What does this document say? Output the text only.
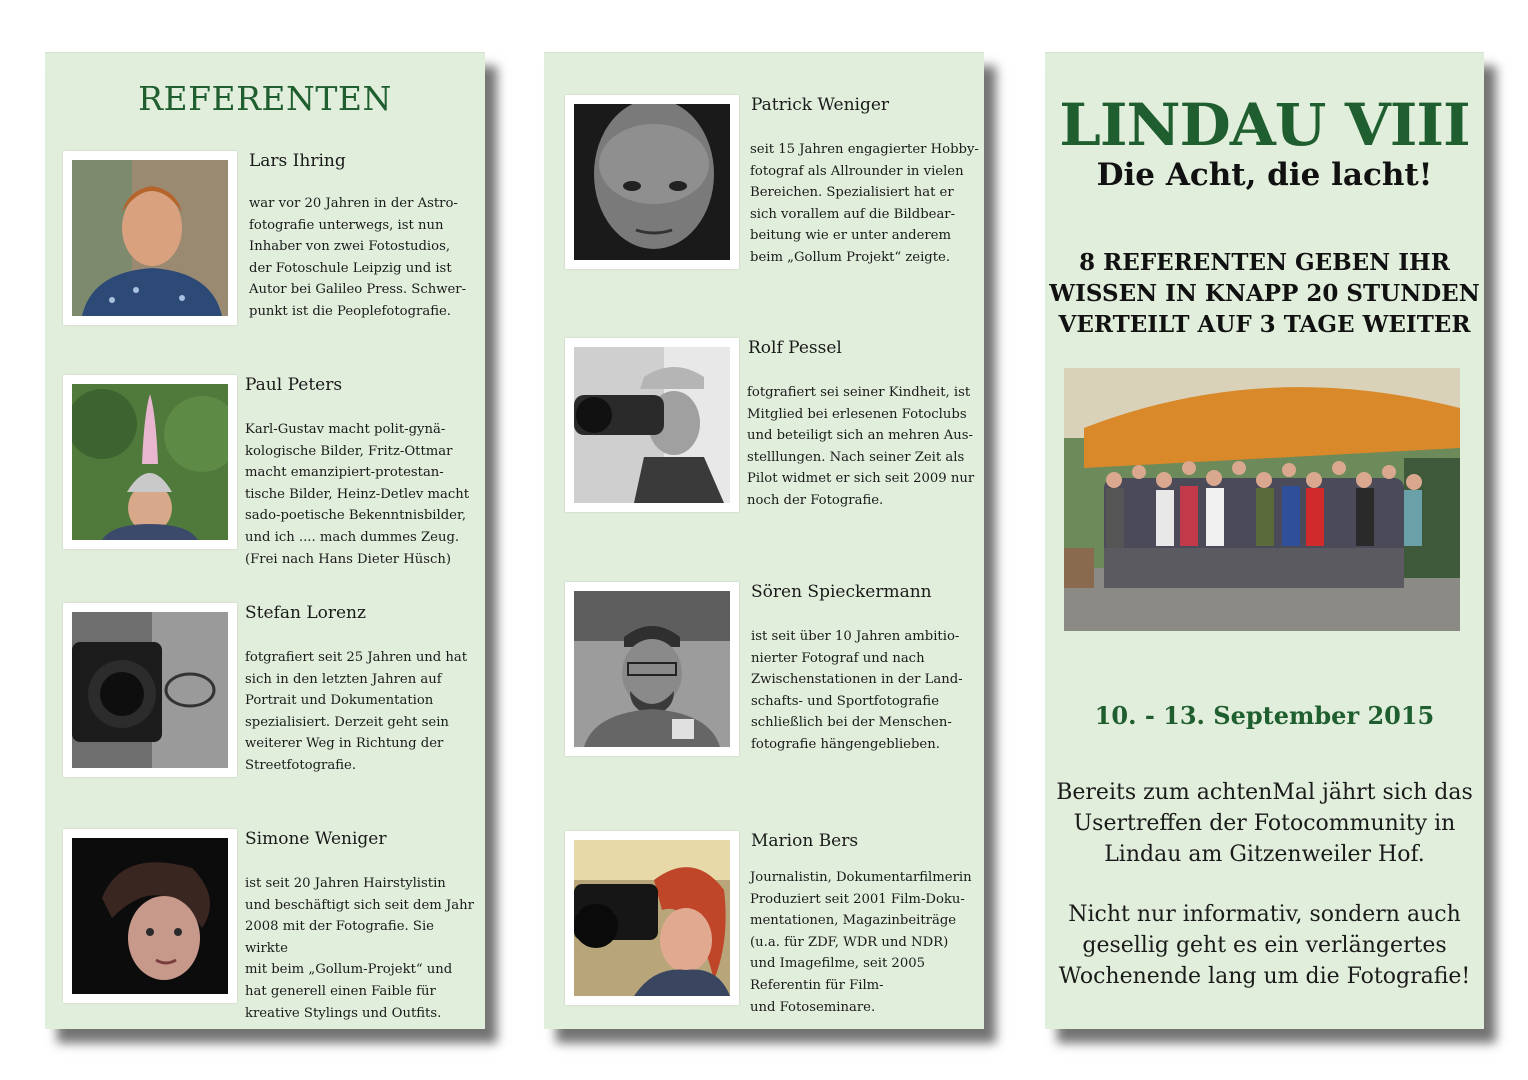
REFERENTEN
Lars Ihring
war vor 20 Jahren in der Astro-
fotografie unterwegs, ist nun
Inhaber von zwei Fotostudios,
der Fotoschule Leipzig und ist
Autor bei Galileo Press. Schwer-
punkt ist die Peoplefotografie.
Paul Peters
Karl-Gustav macht polit-gynä-
kologische Bilder, Fritz-Ottmar
macht emanzipiert-protestan-
tische Bilder, Heinz-Detlev macht
sado-poetische Bekenntnisbilder,
und ich .... mach dummes Zeug.
(Frei nach Hans Dieter Hüsch)
Stefan Lorenz
fotgrafiert seit 25 Jahren und hat
sich in den letzten Jahren auf
Portrait und Dokumentation
spezialisiert. Derzeit geht sein
weiterer Weg in Richtung der
Streetfotografie.
Simone Weniger
ist seit 20 Jahren Hairstylistin
und beschäftigt sich seit dem Jahr
2008 mit der Fotografie. Sie wirkte
mit beim „Gollum-Projekt“ und
hat generell einen Faible für
kreative Stylings und Outfits.
Patrick Weniger
seit 15 Jahren engagierter Hobby-
fotograf als Allrounder in vielen
Bereichen. Spezialisiert hat er
sich vorallem auf die Bildbear-
beitung wie er unter anderem
beim „Gollum Projekt“ zeigte.
Rolf Pessel
fotgrafiert sei seiner Kindheit, ist
Mitglied bei erlesenen Fotoclubs
und beteiligt sich an mehren Aus-
stelllungen. Nach seiner Zeit als
Pilot widmet er sich seit 2009 nur
noch der Fotografie.
Sören Spieckermann
ist seit über 10 Jahren ambitio-
nierter Fotograf und nach
Zwischenstationen in der Land-
schafts- und Sportfotografie
schließlich bei der Menschen-
fotografie hängengeblieben.
Marion Bers
Journalistin, Dokumentarfilmerin
Produziert seit 2001 Film-Doku-
mentationen, Magazinbeiträge
(u.a. für ZDF, WDR und NDR)
und Imagefilme, seit 2005
Referentin für Film-
und Fotoseminare.
LINDAU VIII
Die Acht, die lacht!
8 REFERENTEN GEBEN IHR
WISSEN IN KNAPP 20 STUNDEN
VERTEILT AUF 3 TAGE WEITER
10. - 13. September 2015
Bereits zum achtenMal jährt sich das
Usertreffen der Fotocommunity in
Lindau am Gitzenweiler Hof.
Nicht nur informativ, sondern auch
gesellig geht es ein verlängertes
Wochenende lang um die Fotografie!
